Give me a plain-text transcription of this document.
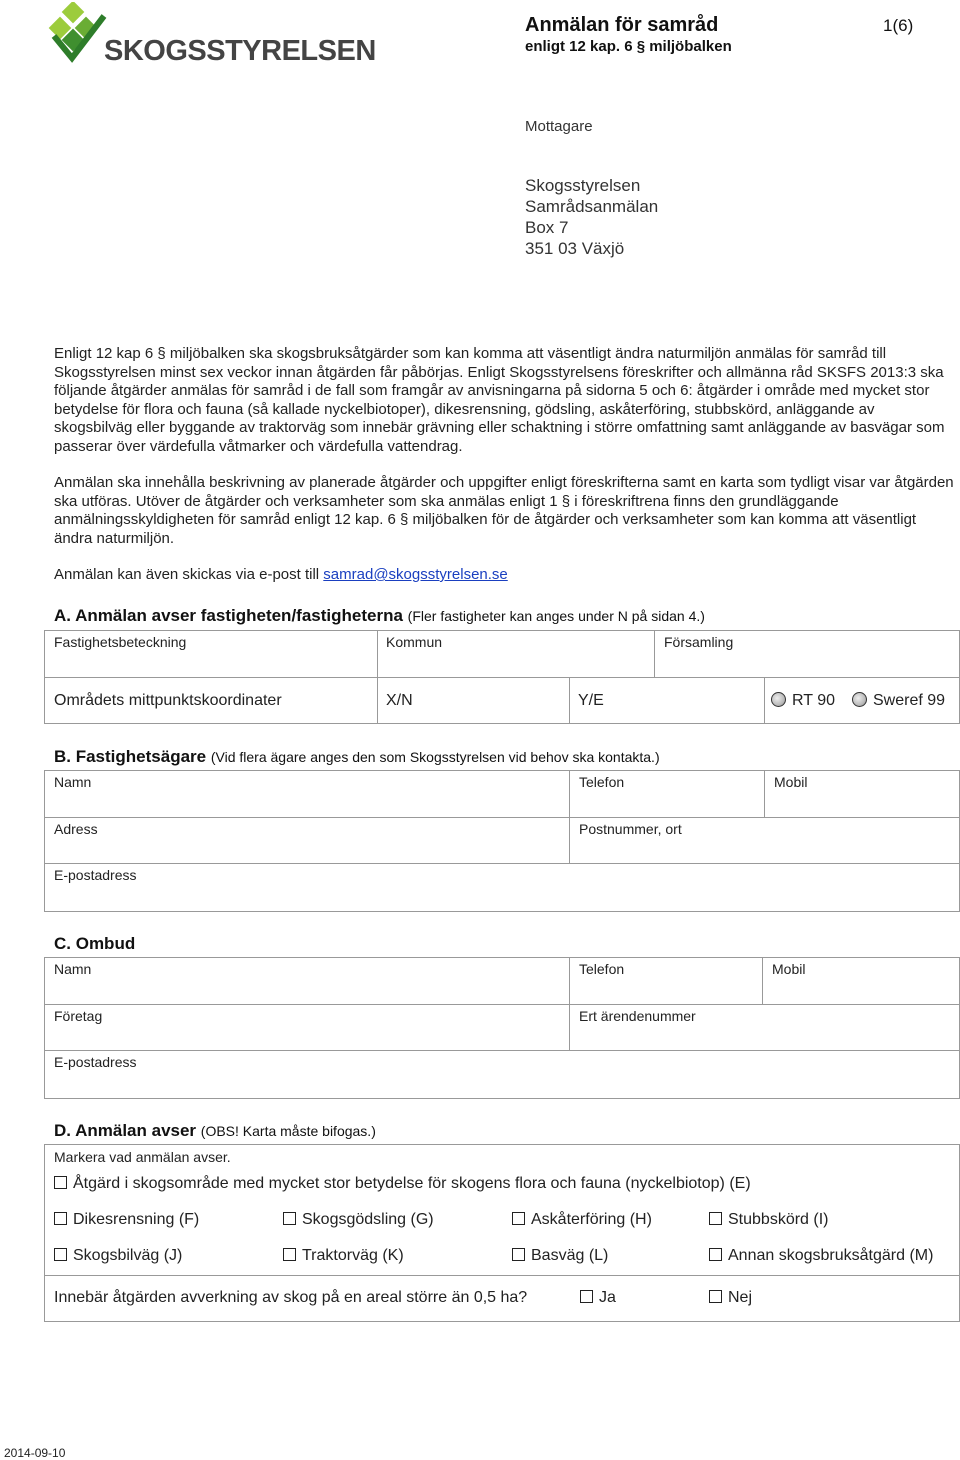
SKOGSSTYRELSEN
Anmälan för samråd
enligt 12 kap. 6 § miljöbalken
1(6)
Mottagare
Skogsstyrelsen
Samrådsanmälan
Box 7
351 03 Växjö
Enligt 12 kap 6 § miljöbalken ska skogsbruksåtgärder som kan komma att väsentligt ändra naturmiljön anmälas för samråd till Skogsstyrelsen minst sex veckor innan åtgärden får påbörjas. Enligt Skogsstyrelsens föreskrifter och allmänna råd SKSFS 2013:3 ska följande åtgärder anmälas för samråd i de fall som framgår av anvisningarna på sidorna 5 och 6: åtgärder i område med mycket stor betydelse för flora och fauna (så kallade nyckelbiotoper), dikesrensning, gödsling, askåterföring, stubbskörd, anläggande av skogsbilväg eller byggande av traktorväg som innebär grävning eller schaktning i större omfattning samt anläggande av basvägar som passerar över värdefulla våtmarker och värdefulla vattendrag.
Anmälan ska innehålla beskrivning av planerade åtgärder och uppgifter enligt föreskrifterna samt en karta som tydligt visar var åtgärden ska utföras. Utöver de åtgärder och verksamheter som ska anmälas enligt 1 § i föreskriftrena finns den grundläggande anmälningsskyldigheten för samråd enligt 12 kap. 6 § miljöbalken för de åtgärder och verksamheter som kan komma att väsentligt ändra naturmiljön.
Anmälan kan även skickas via e-post till samrad@skogsstyrelsen.se
A. Anmälan avser fastigheten/fastigheterna (Fler fastigheter kan anges under N på sidan 4.)
Fastighetsbeteckning	Kommun	Församling
Områdets mittpunktskoordinater	X/N	Y/E	RT 90	Sweref 99
B. Fastighetsägare (Vid flera ägare anges den som Skogsstyrelsen vid behov ska kontakta.)
Namn	Telefon	Mobil
Adress	Postnummer, ort
E-postadress
C. Ombud
Namn	Telefon	Mobil
Företag	Ert ärendenummer
E-postadress
D. Anmälan avser (OBS! Karta måste bifogas.)
Markera vad anmälan avser.
Åtgärd i skogsområde med mycket stor betydelse för skogens flora och fauna (nyckelbiotop) (E)
Dikesrensning (F)	Skogsgödsling (G)	Askåterföring (H)	Stubbskörd (I)
Skogsbilväg (J)	Traktorväg (K)	Basväg (L)	Annan skogsbruksåtgärd (M)
Innebär åtgärden avverkning av skog på en areal större än 0,5 ha?	Ja	Nej
2014-09-10
